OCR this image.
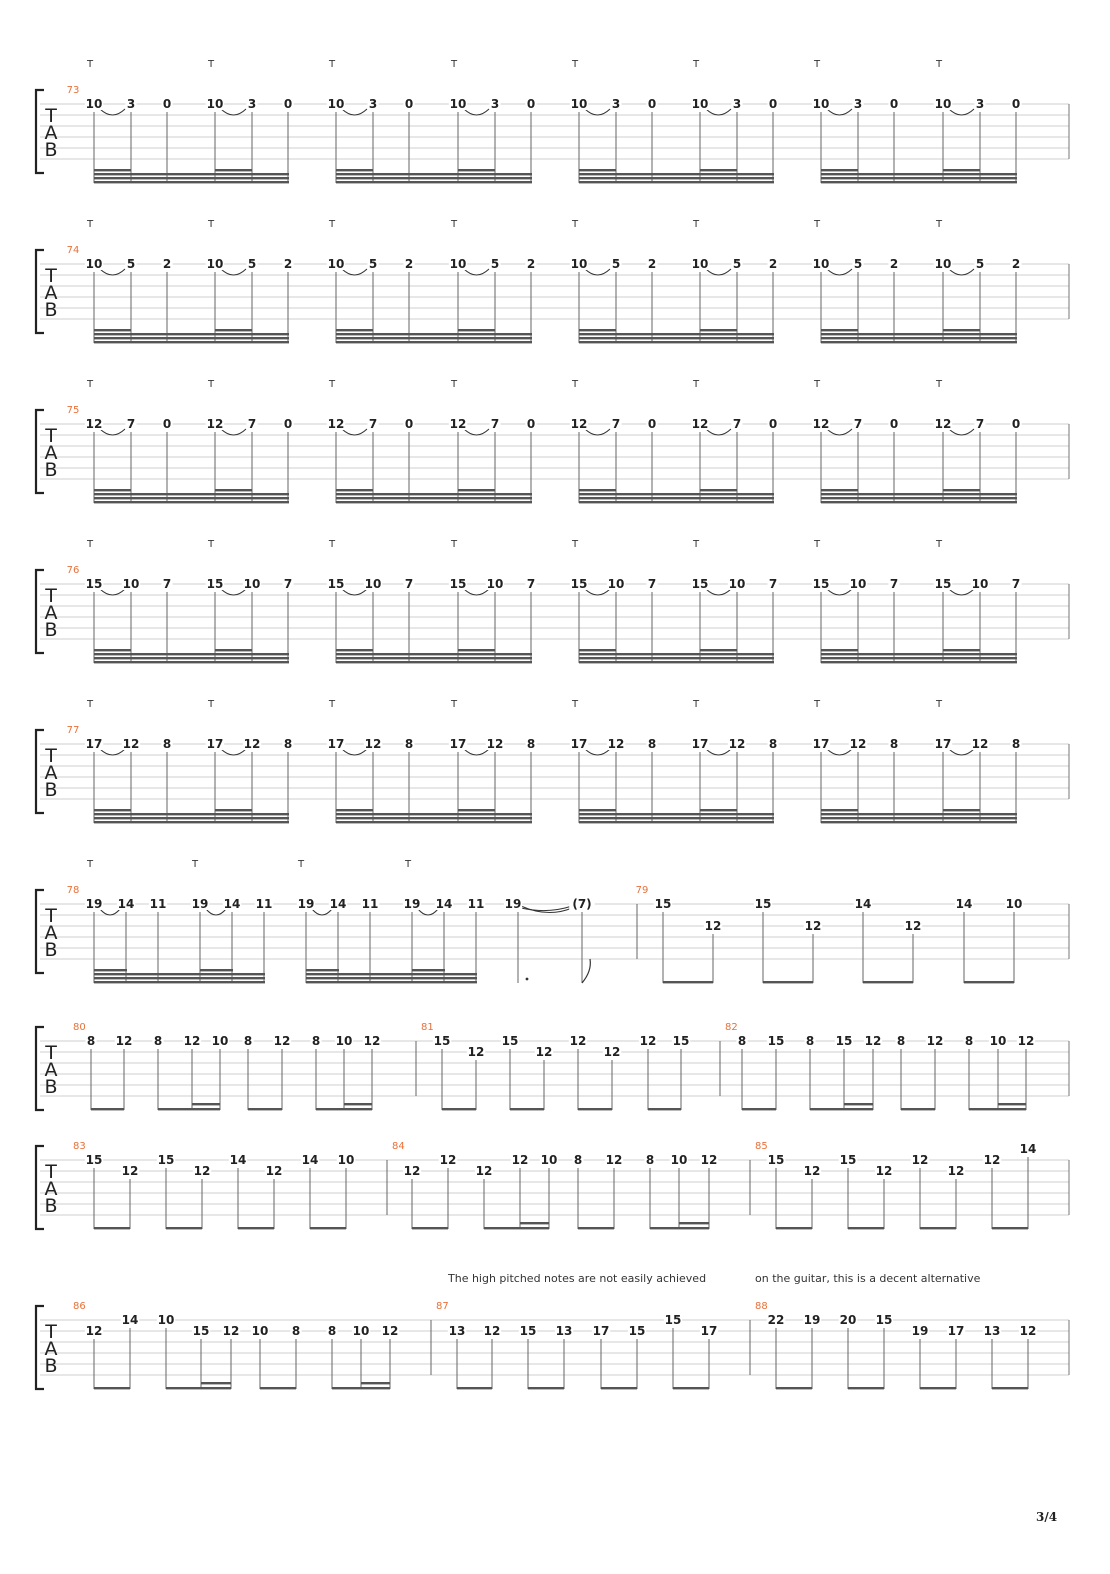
10 3 0	10 3 0	10 3 0	10 3 0	10 3 0	10 3 0	10 3 0	10 3 0
T
A
B
73
T	T	T	T	T	T	T	T
10 5 2	10 5 2	10 5 2	10 5 2	10 5 2	10 5 2	10 5 2	10 5 2
T
A
B
74
T	T	T	T	T	T	T	T
12 7 0	12 7 0	12 7 0	12 7 0	12 7 0	12 7 0	12 7 0	12 7 0
T
A
B
75
T	T	T	T	T	T	T	T
15 10 7	15 10 7	15 10 7	15 10 7	15 10 7	15 10 7	15 10 7	15 10 7
T
A
B
76
T	T	T	T	T	T	T	T
17 12 8	17 12 8	17 12 8	17 12 8	17 12 8	17 12 8	17 12 8	17 12 8
T
A
B
77
T	T	T	T	T	T	T	T
19 14 11 19 14 11 19 14 11 19 14 11 19	(7)	15
12
15
12
14
12
14	10
T
A
B
78	79
T	T	T	T
8 12 8 12 10 8 12 8 10 12	15
12
15
12
12
12
12 15	8 15 8 15 12 8 12 8 10 12
T
A
B
80	81	82
15
12
15
12
14
12
14 10
12
12
12
12 10 8 12 8 10 12	15
12
15
12
12
12
12
14
T
A
B
83	84	85
12
14 10
15 12 10 8 8 10 12	13 12 15 13 17 15
15
17
22 19 20 15
19 17 13 12
T
A
B
86	87	88
The high pitched notes are not easily achieved              on the guitar, this is a decent alternative
3/4
